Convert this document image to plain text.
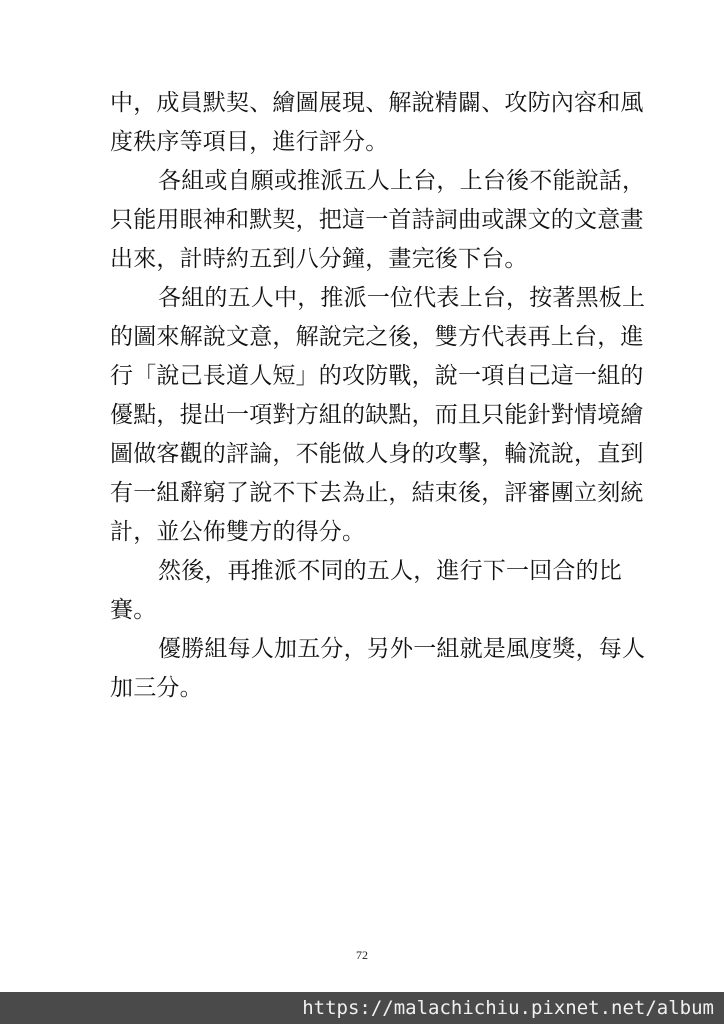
中，成員默契、繪圖展現、解說精闢、攻防內容和風
度秩序等項目，進行評分。
各組或自願或推派五人上台，上台後不能說話，
只能用眼神和默契，把這一首詩詞曲或課文的文意畫
出來，計時約五到八分鐘，畫完後下台。
各組的五人中，推派一位代表上台，按著黑板上
的圖來解說文意，解說完之後，雙方代表再上台，進
行「說己長道人短」的攻防戰，說一項自己這一組的
優點，提出一項對方組的缺點，而且只能針對情境繪
圖做客觀的評論，不能做人身的攻擊，輪流說，直到
有一組辭窮了說不下去為止，結束後，評審團立刻統
計，並公佈雙方的得分。
然後，再推派不同的五人，進行下一回合的比
賽。
優勝組每人加五分，另外一組就是風度獎，每人
加三分。
72
https://malachichiu.pixnet.net/album
